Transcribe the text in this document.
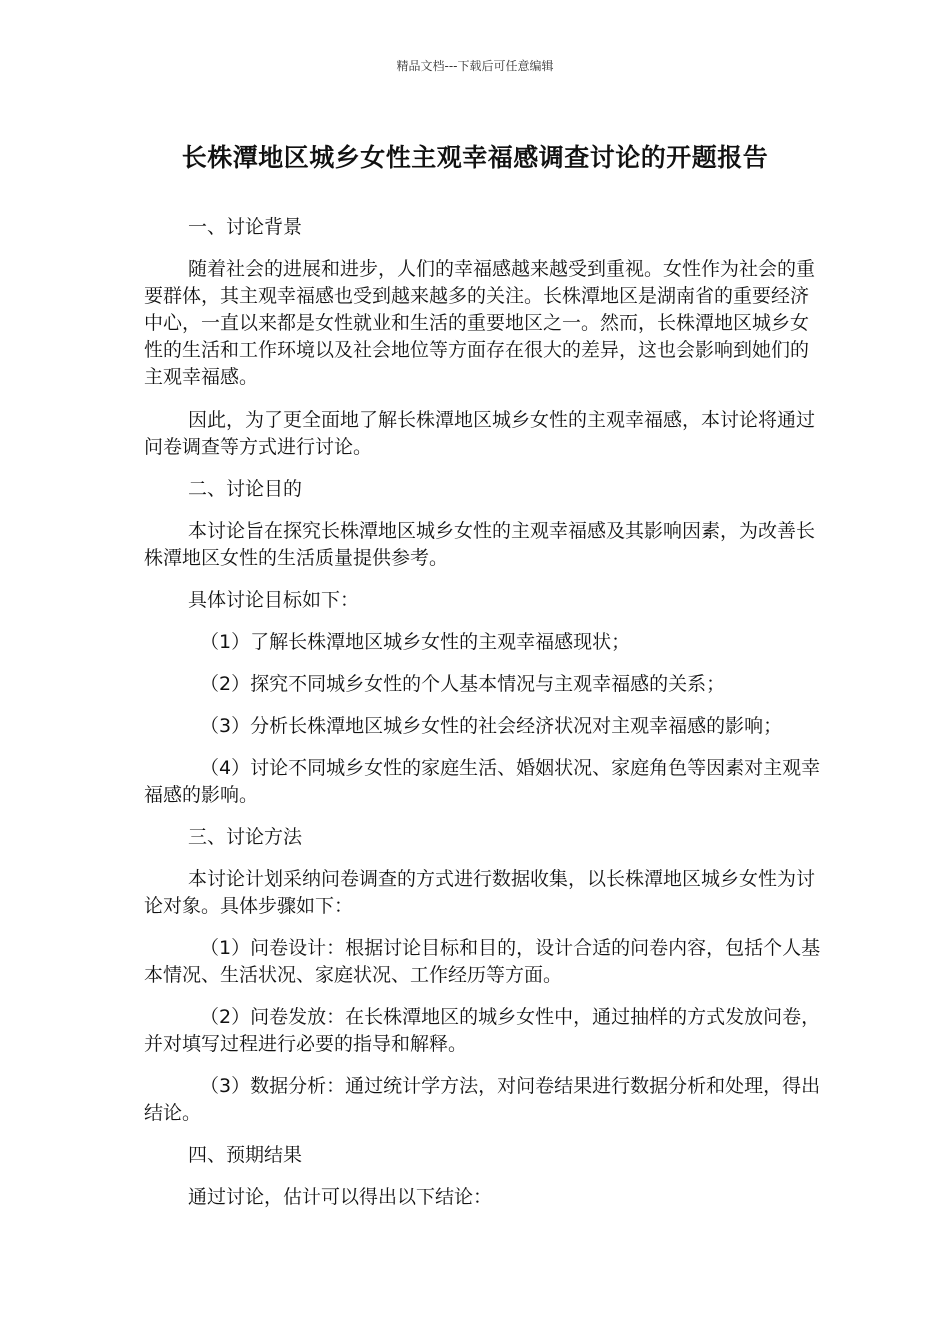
精品文档---下载后可任意编辑
长株潭地区城乡女性主观幸福感调查讨论的开题报告

一、讨论背景

随着社会的进展和进步，人们的幸福感越来越受到重视。女性作为社会的重要群体，其主观幸福感也受到越来越多的关注。长株潭地区是湖南省的重要经济中心，一直以来都是女性就业和生活的重要地区之一。然而，长株潭地区城乡女性的生活和工作环境以及社会地位等方面存在很大的差异，这也会影响到她们的主观幸福感。

因此，为了更全面地了解长株潭地区城乡女性的主观幸福感，本讨论将通过问卷调查等方式进行讨论。

二、讨论目的

本讨论旨在探究长株潭地区城乡女性的主观幸福感及其影响因素，为改善长株潭地区女性的生活质量提供参考。

具体讨论目标如下：

（1）了解长株潭地区城乡女性的主观幸福感现状；

（2）探究不同城乡女性的个人基本情况与主观幸福感的关系；

（3）分析长株潭地区城乡女性的社会经济状况对主观幸福感的影响；

（4）讨论不同城乡女性的家庭生活、婚姻状况、家庭角色等因素对主观幸福感的影响。

三、讨论方法

本讨论计划采纳问卷调查的方式进行数据收集，以长株潭地区城乡女性为讨论对象。具体步骤如下：

（1）问卷设计：根据讨论目标和目的，设计合适的问卷内容，包括个人基本情况、生活状况、家庭状况、工作经历等方面。

（2）问卷发放：在长株潭地区的城乡女性中，通过抽样的方式发放问卷，并对填写过程进行必要的指导和解释。

（3）数据分析：通过统计学方法，对问卷结果进行数据分析和处理，得出结论。

四、预期结果

通过讨论，估计可以得出以下结论：
